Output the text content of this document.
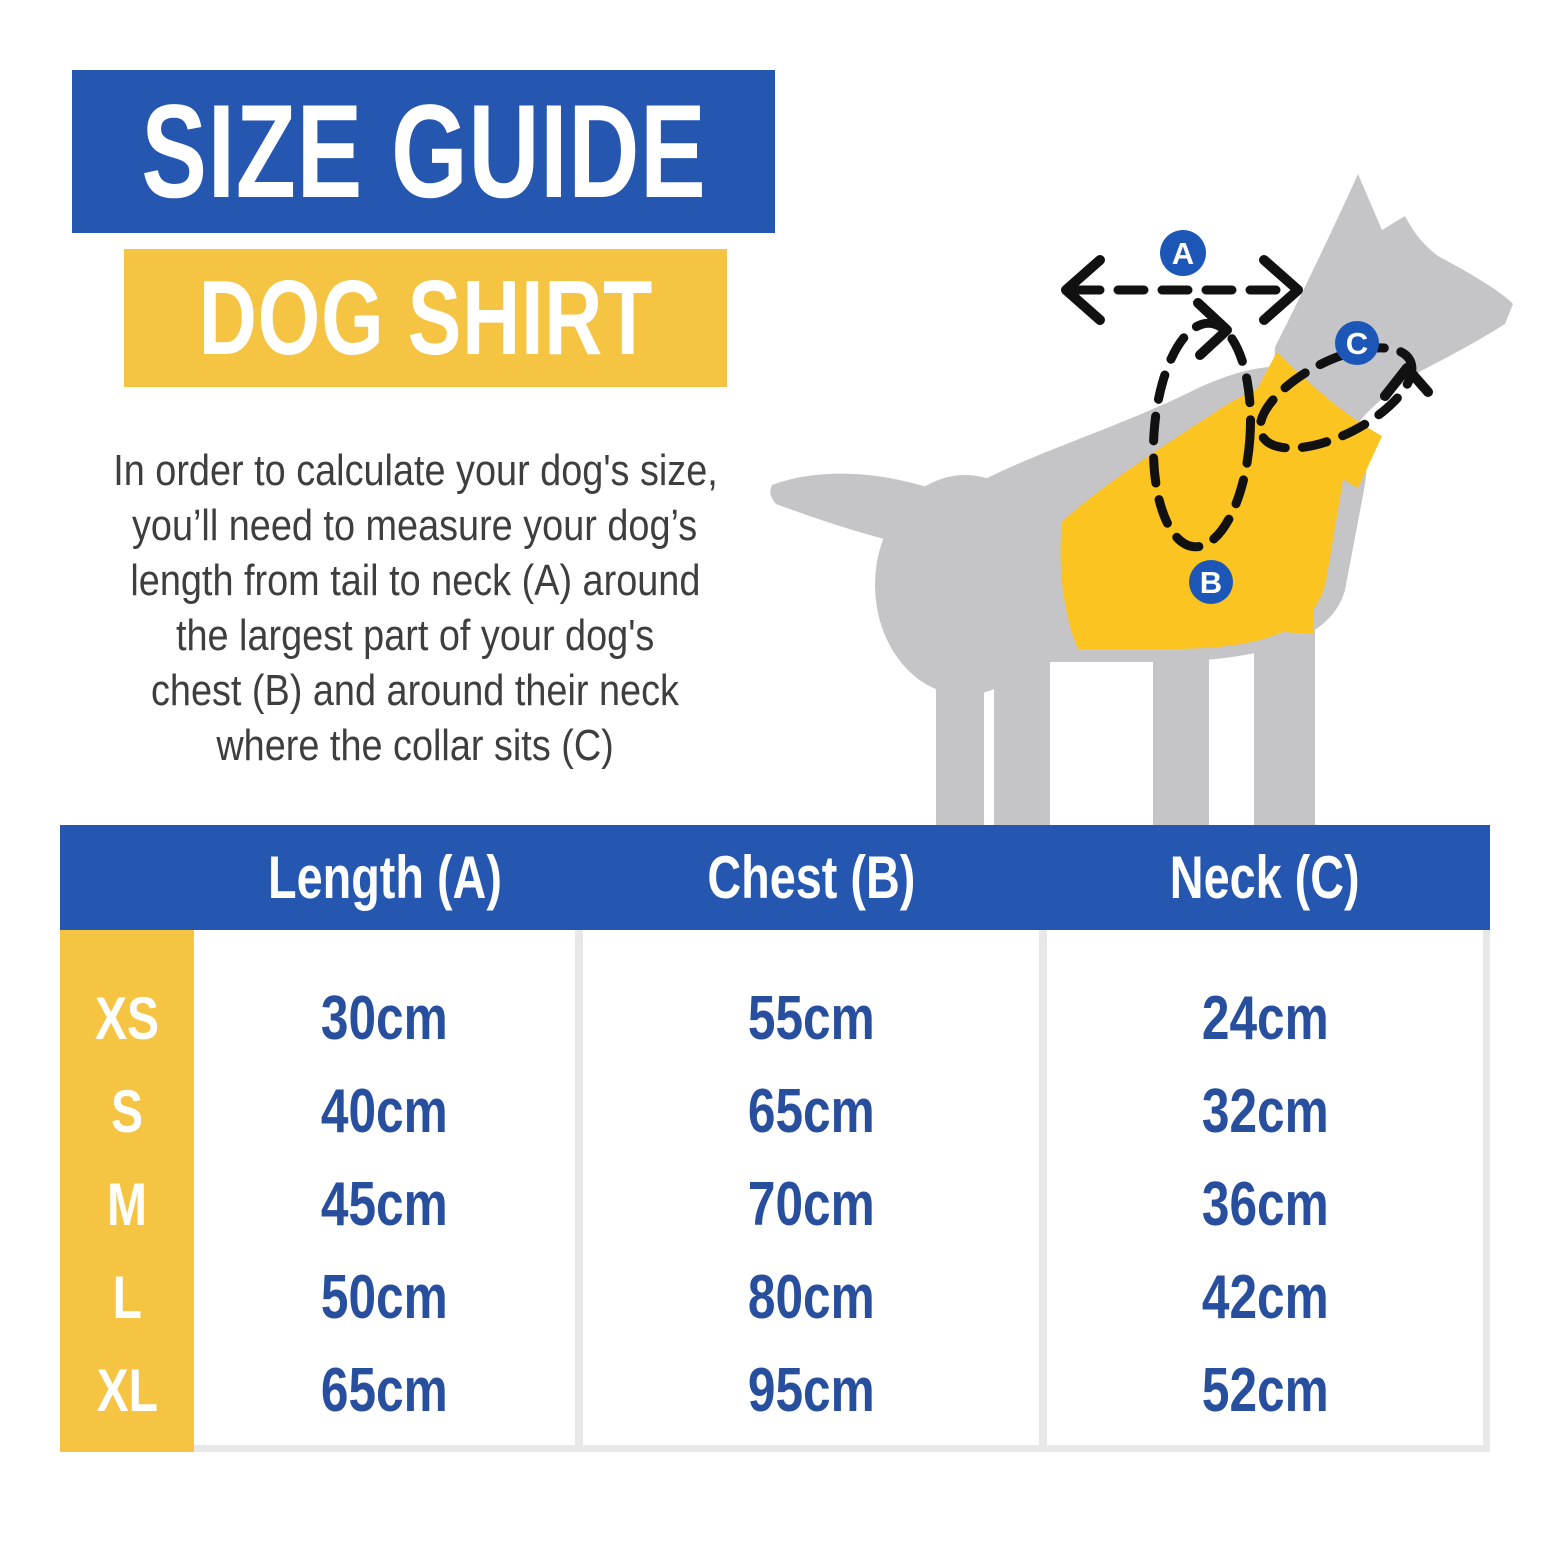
SIZE GUIDE
DOG SHIRT
In order to calculate your dog's size,
you’ll need to measure your dog’s
length from tail to neck (A) around
the largest part of your dog's
chest (B) and around their neck
where the collar sits (C)
A
B
C
Length (A)	Chest (B)	Neck (C)
XS
S
M
L
XL
30cm
40cm
45cm
50cm
65cm
55cm
65cm
70cm
80cm
95cm
24cm
32cm
36cm
42cm
52cm
